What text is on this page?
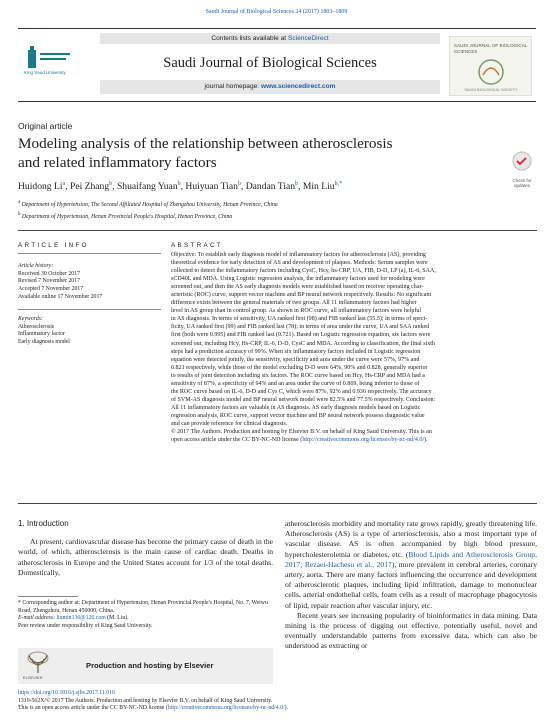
Saudi Journal of Biological Sciences 24 (2017) 1803–1809
Contents lists available at ScienceDirect
King Saud University
Saudi Journal of Biological Sciences
journal homepage: www.sciencedirect.com
SAUDI JOURNAL OF BIOLOGICAL SCIENCES
SAUDI BIOLOGICAL SOCIETY
Original article
Modeling analysis of the relationship between atherosclerosis
and related inflammatory factors
Check for updates
Huidong Li$^a$, Pei Zhang$^b$, Shuaifang Yuan$^b$, Huiyuan Tian$^b$, Dandan Tian$^b$, Min Liu$^{b,*}$
$^a$ Department of Hypertension, The Second Affiliated Hospital of Zhengzhou University, Henan Province, China
$^b$ Department of Hypertension, Henan Provincial People's Hospital, Henan Province, China
ARTICLE INFO	ABSTRACT
Article history:
Received 30 October 2017
Revised 7 November 2017
Accepted 7 November 2017
Available online 17 November 2017
Keywords:
Atherosclerosis
Inflammatory factor
Early diagnosis model
Objective: To establish early diagnosis model of inflammatory factors for atherosclerosis (AS), providing
theoretical evidence for early detection of AS and development of plaques. Methods: Serum samples were
collected to detect the inflammatory factors including CysC, Hcy, hs-CRP, UA, FIB, D-D, LP (a), IL-6, SAA,
sCD40L and MDA. Using Logistic regression analysis, the inflammatory factors used for modeling were
screened out, and then the AS early diagnosis models were established based on receiver operating char-
acteristic (ROC) curve, support vector machine and BP neural network respectively. Results: No significant
difference exists between the general materials of two groups. All 11 inflammatory factors had higher
level in AS group than in control group. As shown in ROC curve, all inflammatory factors were helpful
in AS diagnosis. In terms of sensitivity, UA ranked first (98) and FIB ranked last (55.5); in terms of speci-
ficity, UA ranked first (99) and FIB ranked last (78); in terms of area under the curve, UA and SAA ranked
first (both were 0.995) and FIB ranked last (0.721). Based on Logistic regression equation, six factors were
screened out, including Hcy, Hs-CRP, IL-6, D-D, CysC and MDA. According to classification, the final sixth
steps had a prediction accuracy of 99%. When six inflammatory factors included in Logistic regression
equation were detected jointly, the sensitivity, specificity and area under the curve were 57%, 97% and
0.821 respectively, while those of the model excluding D-D were 64%, 90% and 0.828, generally superior
to results of joint detection including six factors. The ROC curve based on Hcy, Hs-CRP and MDA had a
sensitivity of 87%, a specificity of 94% and an area under the curve of 0.869, being inferior to those of
the ROC curve based on IL-6, D-D and Cys C, which were 87%, 92% and 0.936 respectively. The accuracy
of SVM-AS diagnosis model and BP neural network model were 82.5% and 77.5% respectively. Conclusion:
All 11 inflammatory factors are valuable in AS diagnosis. AS early diagnosis models based on Logistic
regression analysis, ROC curve, support vector machine and BP neural network possess diagnostic value
and can provide reference for clinical diagnosis.
© 2017 The Authors. Production and hosting by Elsevier B.V. on behalf of King Saud University. This is an
open access article under the CC BY-NC-ND license (http://creativecommons.org/licenses/by-nc-nd/4.0/).
1. Introduction
At present, cardiovascular disease has become the primary cause of death in the world, of which, atherosclerosis is the main cause of cardiac death. Deaths in atherosclerosis in Europe and the United States account for 1/3 of the total deaths. Domestically,
atherosclerosis morbidity and mortality rate grows rapidly, greatly threatening life. Atherosclerosis (AS) is a type of arteriosclerosis, also a most important type of vascular disease. AS is often accompanied by high blood pressure, hypercholesterolemia or diabetes, etc. (Blood Lipids and Atherosclerosis Group, 2017; Rezaei-Hachesu et al., 2017), more prevalent in cerebral arteries, coronary artery, aorta. There are many factors influencing the occurrence and development of atherosclerotic plaques, including lipid infiltration, damage to mononuclear cells, arterial endothelial cells, foam cells as a result of macrophage phagocytosis of lipid, repair reaction after vascular injury, etc.
Recent years see increasing popularity of bioinformatics in data mining. Data mining is the process of digging out effective, potentially useful, novel and eventually understandable patterns from excessive data, which can also be understood as extracting or
* Corresponding author at: Department of Hypertension, Henan Provincial People's Hospital, No. 7, Weiwu Road, Zhengzhou, Henan 450000, China.
E-mail address: liumin136@126.com (M. Liu).
Peer review under responsibility of King Saud University.
ELSEVIER
Production and hosting by Elsevier
https://doi.org/10.1016/j.sjbs.2017.11.016
1319-562X/© 2017 The Authors. Production and hosting by Elsevier B.V. on behalf of King Saud University.
This is an open access article under the CC BY-NC-ND license (http://creativecommons.org/licenses/by-nc-nd/4.0/).
